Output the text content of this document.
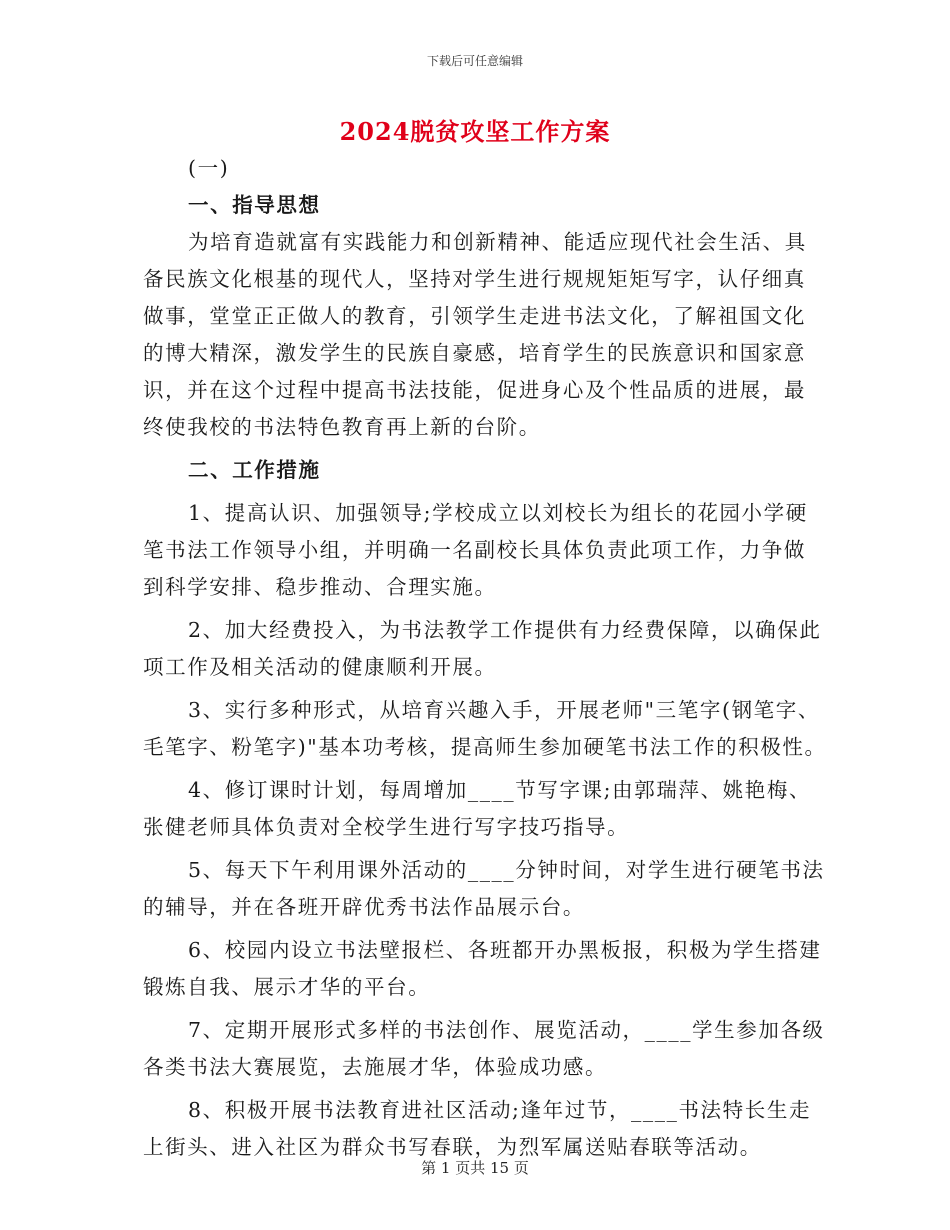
下载后可任意编辑
2024脱贫攻坚工作方案
(一)
一、指导思想
为培育造就富有实践能力和创新精神、能适应现代社会生活、具
备民族文化根基的现代人，坚持对学生进行规规矩矩写字，认仔细真
做事，堂堂正正做人的教育，引领学生走进书法文化，了解祖国文化
的博大精深，激发学生的民族自豪感，培育学生的民族意识和国家意
识，并在这个过程中提高书法技能，促进身心及个性品质的进展，最
终使我校的书法特色教育再上新的台阶。
二、工作措施
1、提高认识、加强领导;学校成立以刘校长为组长的花园小学硬
笔书法工作领导小组，并明确一名副校长具体负责此项工作，力争做
到科学安排、稳步推动、合理实施。
2、加大经费投入，为书法教学工作提供有力经费保障，以确保此
项工作及相关活动的健康顺利开展。
3、实行多种形式，从培育兴趣入手，开展老师"三笔字(钢笔字、
毛笔字、粉笔字)"基本功考核，提高师生参加硬笔书法工作的积极性。
4、修订课时计划，每周增加____节写字课;由郭瑞萍、姚艳梅、
张健老师具体负责对全校学生进行写字技巧指导。
5、每天下午利用课外活动的____分钟时间，对学生进行硬笔书法
的辅导，并在各班开辟优秀书法作品展示台。
6、校园内设立书法壁报栏、各班都开办黑板报，积极为学生搭建
锻炼自我、展示才华的平台。
7、定期开展形式多样的书法创作、展览活动，____学生参加各级
各类书法大赛展览，去施展才华，体验成功感。
8、积极开展书法教育进社区活动;逢年过节，____书法特长生走
上街头、进入社区为群众书写春联，为烈军属送贴春联等活动。
第 1 页共 15 页
